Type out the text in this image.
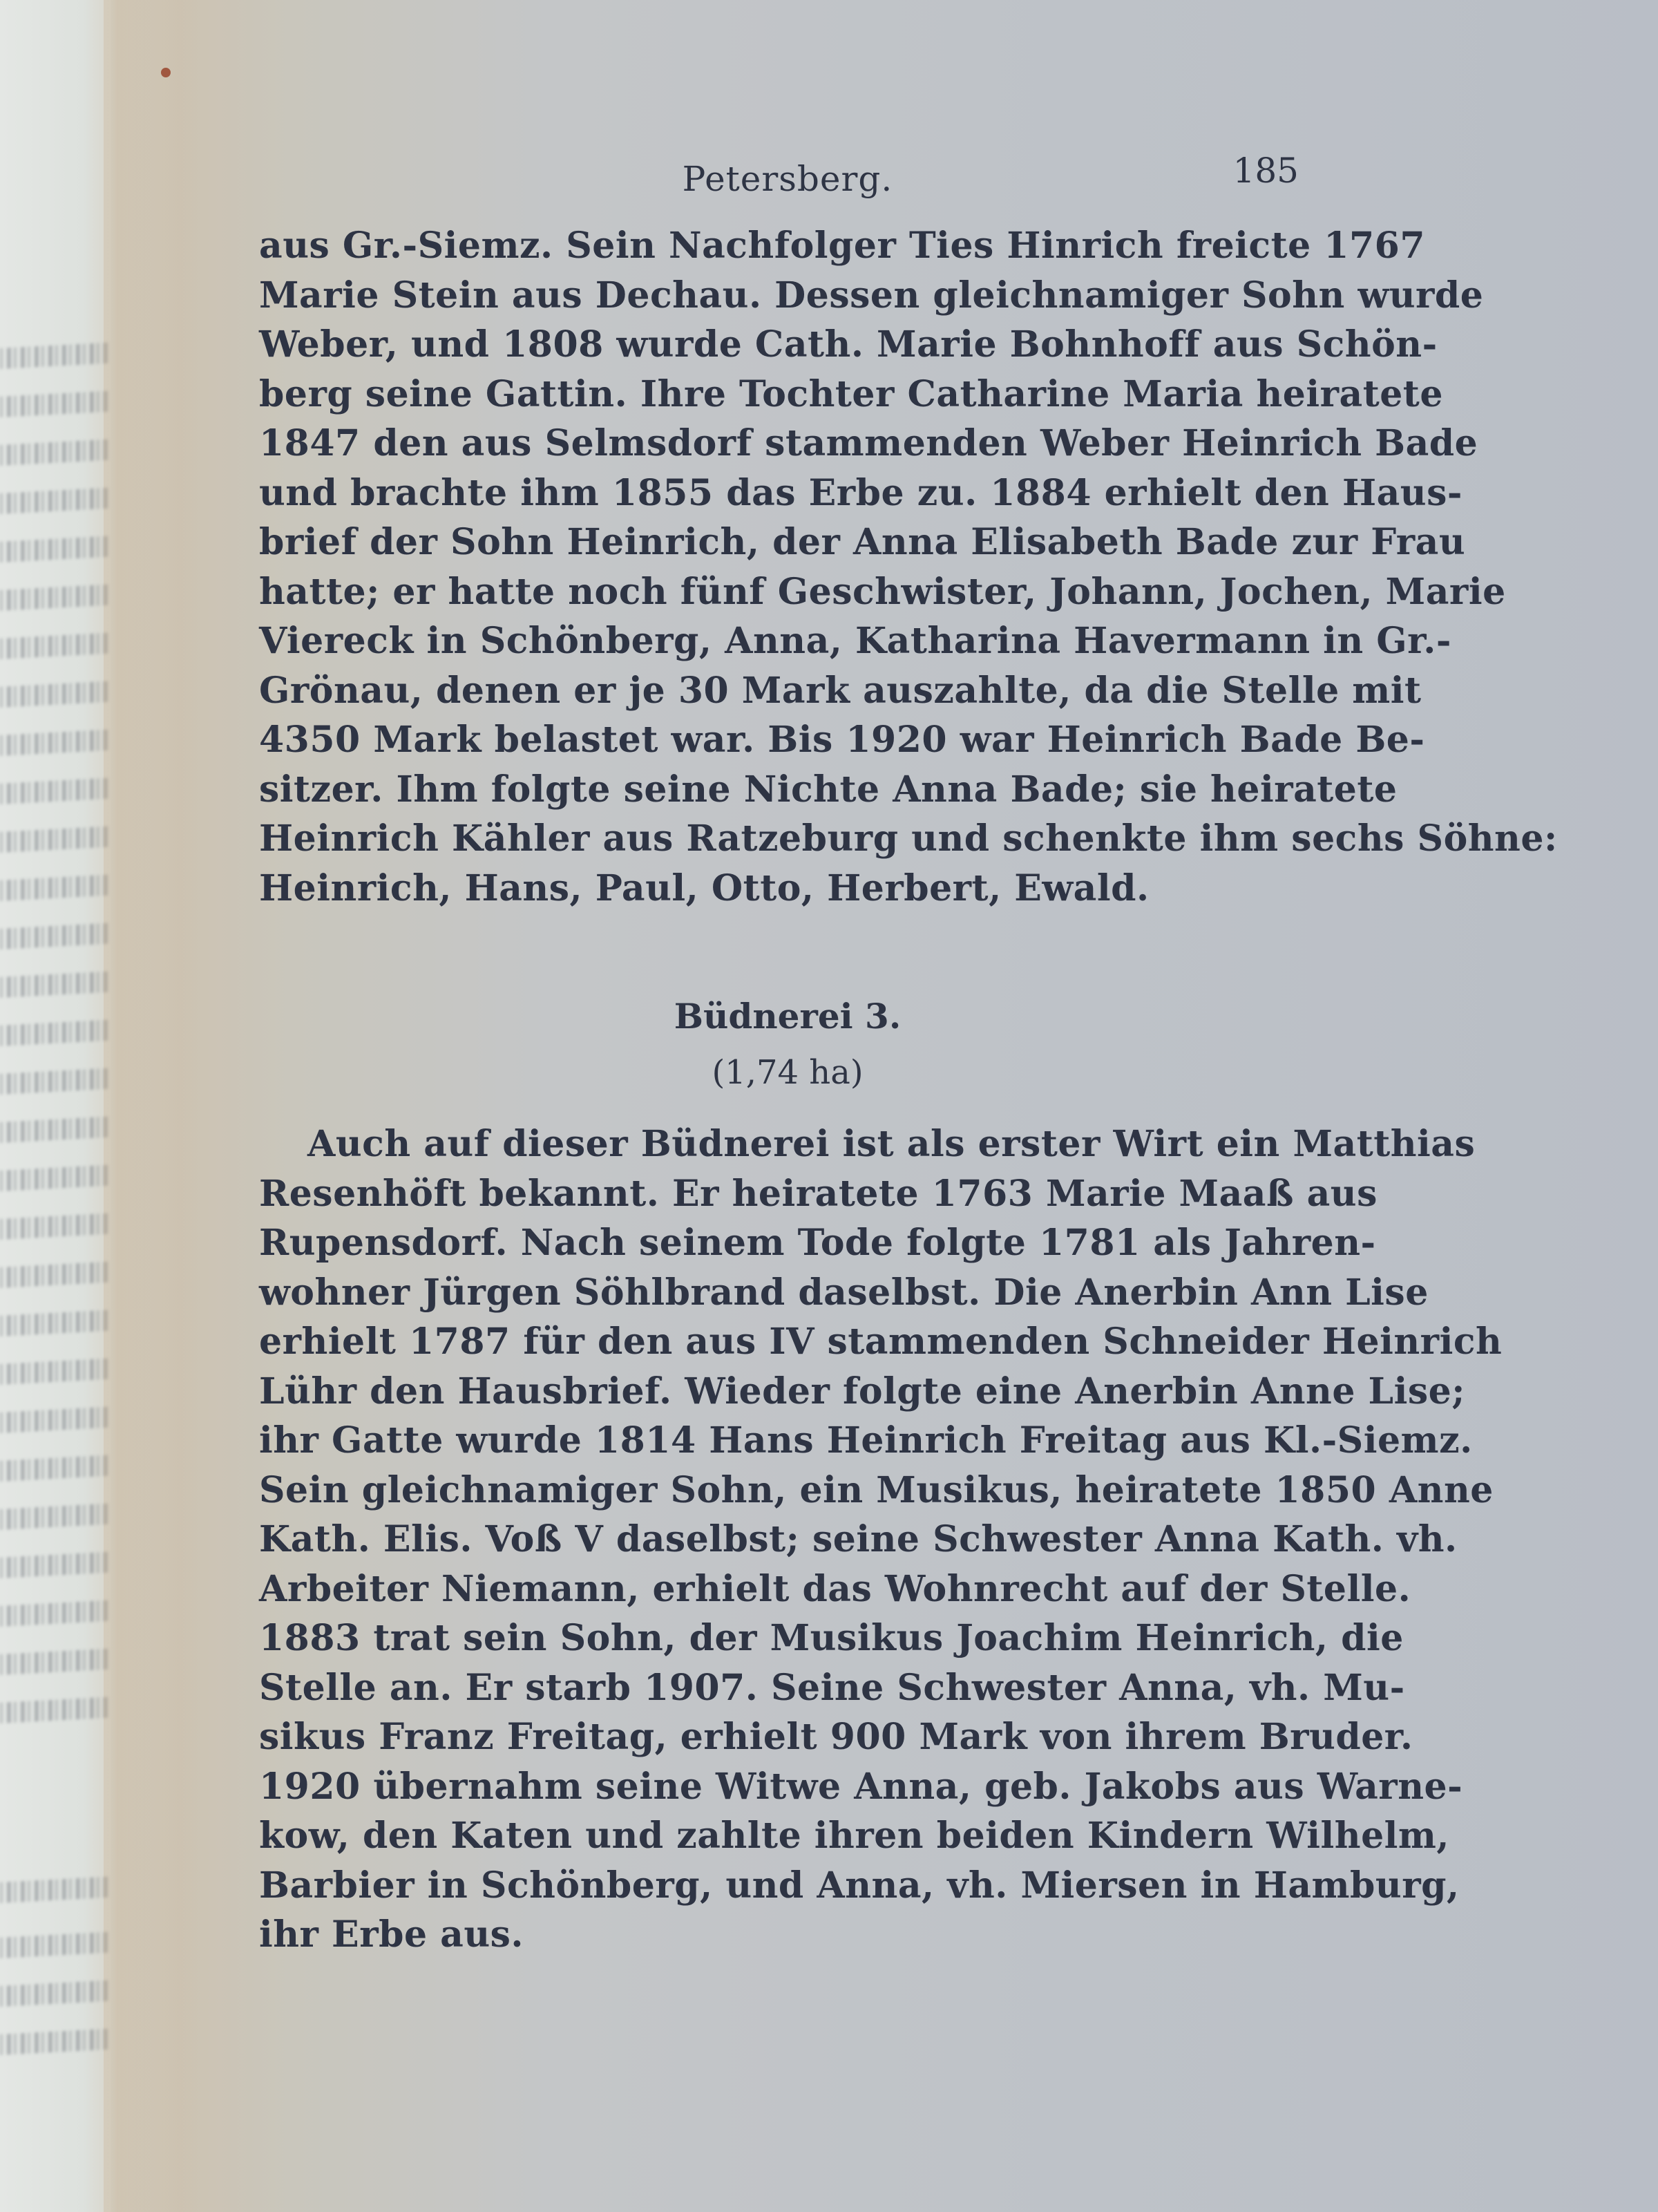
Petersberg.	185

aus Gr.-Siemz. Sein Nachfolger Ties Hinrich freicte 1767
Marie Stein aus Dechau. Dessen gleichnamiger Sohn wurde
Weber, und 1808 wurde Cath. Marie Bohnhoff aus Schön-
berg seine Gattin. Ihre Tochter Catharine Maria heiratete
1847 den aus Selmsdorf stammenden Weber Heinrich Bade
und brachte ihm 1855 das Erbe zu. 1884 erhielt den Haus-
brief der Sohn Heinrich, der Anna Elisabeth Bade zur Frau
hatte; er hatte noch fünf Geschwister, Johann, Jochen, Marie
Viereck in Schönberg, Anna, Katharina Havermann in Gr.-
Grönau, denen er je 30 Mark auszahlte, da die Stelle mit
4350 Mark belastet war. Bis 1920 war Heinrich Bade Be-
sitzer. Ihm folgte seine Nichte Anna Bade; sie heiratete
Heinrich Kähler aus Ratzeburg und schenkte ihm sechs Söhne:
Heinrich, Hans, Paul, Otto, Herbert, Ewald.

Büdnerei 3.
(1,74 ha)

Auch auf dieser Büdnerei ist als erster Wirt ein Matthias
Resenhöft bekannt. Er heiratete 1763 Marie Maaß aus
Rupensdorf. Nach seinem Tode folgte 1781 als Jahren-
wohner Jürgen Söhlbrand daselbst. Die Anerbin Ann Lise
erhielt 1787 für den aus IV stammenden Schneider Heinrich
Lühr den Hausbrief. Wieder folgte eine Anerbin Anne Lise;
ihr Gatte wurde 1814 Hans Heinrich Freitag aus Kl.-Siemz.
Sein gleichnamiger Sohn, ein Musikus, heiratete 1850 Anne
Kath. Elis. Voß V daselbst; seine Schwester Anna Kath. vh.
Arbeiter Niemann, erhielt das Wohnrecht auf der Stelle.
1883 trat sein Sohn, der Musikus Joachim Heinrich, die
Stelle an. Er starb 1907. Seine Schwester Anna, vh. Mu-
sikus Franz Freitag, erhielt 900 Mark von ihrem Bruder.
1920 übernahm seine Witwe Anna, geb. Jakobs aus Warne-
kow, den Katen und zahlte ihren beiden Kindern Wilhelm,
Barbier in Schönberg, und Anna, vh. Miersen in Hamburg,
ihr Erbe aus.
